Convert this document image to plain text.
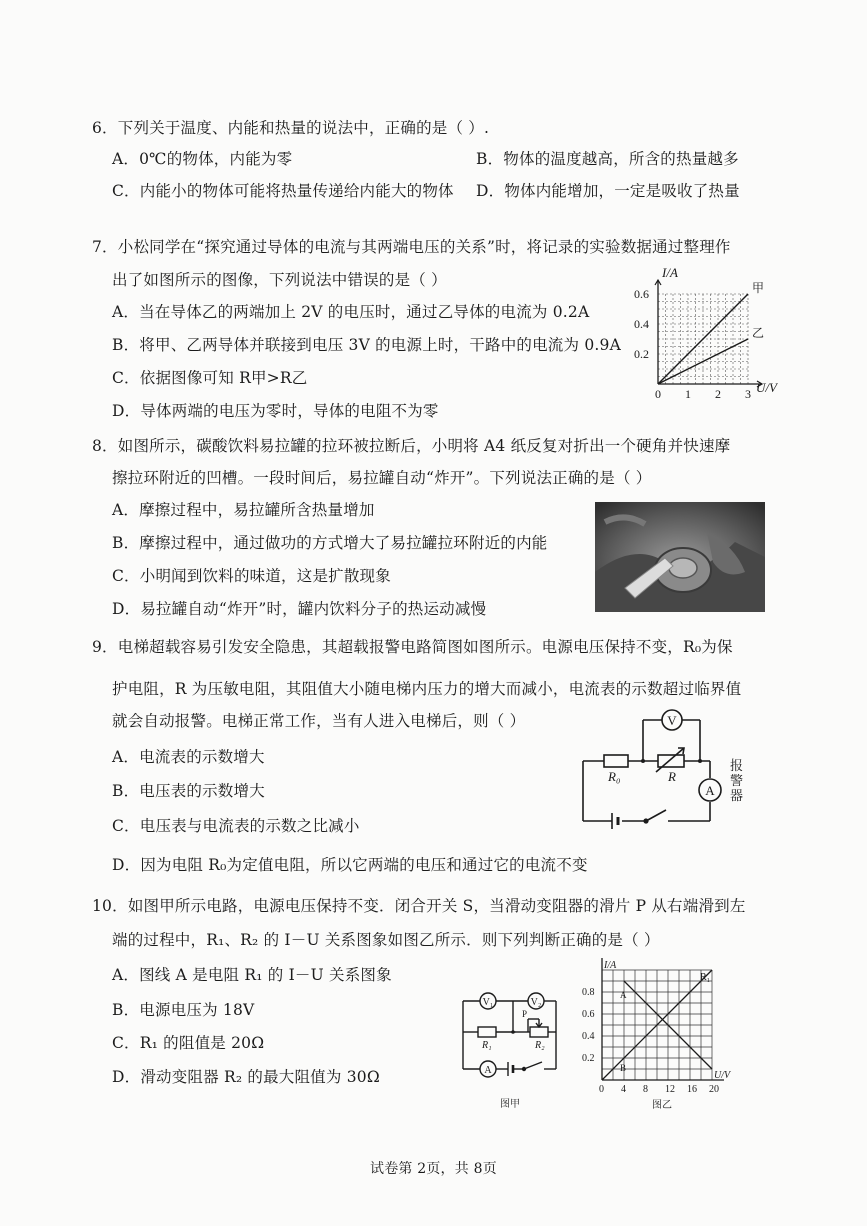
6．下列关于温度、内能和热量的说法中，正确的是（ ）.
A．0℃的物体，内能为零	B．物体的温度越高，所含的热量越多
C．内能小的物体可能将热量传递给内能大的物体 D．物体内能增加，一定是吸收了热量
7．小松同学在“探究通过导体的电流与其两端电压的关系”时，将记录的实验数据通过整理作
出了如图所示的图像，下列说法中错误的是（ ）
A．当在导体乙的两端加上 2V 的电压时，通过乙导体的电流为 0.2A
B．将甲、乙两导体并联接到电压 3V 的电源上时，干路中的电流为 0.9A
C．依据图像可知 R甲>R乙
D．导体两端的电压为零时，导体的电阻不为零
0 1 2 3
0.2
0.4
0.6	甲
乙
I/A
U/V
8．如图所示，碳酸饮料易拉罐的拉环被拉断后，小明将 A4 纸反复对折出一个硬角并快速摩
擦拉环附近的凹槽。一段时间后，易拉罐自动“炸开”。下列说法正确的是（ ）
A．摩擦过程中，易拉罐所含热量增加
B．摩擦过程中，通过做功的方式增大了易拉罐拉环附近的内能
C．小明闻到饮料的味道，这是扩散现象
D．易拉罐自动“炸开”时，罐内饮料分子的热运动减慢
9．电梯超载容易引发安全隐患，其超载报警电路简图如图所示。电源电压保持不变，R₀为保
护电阻，R 为压敏电阻，其阻值大小随电梯内压力的增大而减小，电流表的示数超过临界值
就会自动报警。电梯正常工作，当有人进入电梯后，则（ ）
A．电流表的示数增大
B．电压表的示数增大
C．电压表与电流表的示数之比减小
D．因为电阻 R₀为定值电阻，所以它两端的电压和通过它的电流不变
V
A
R₀	R
报警器
10．如图甲所示电路，电源电压保持不变．闭合开关 S，当滑动变阻器的滑片 P 从右端滑到左
端的过程中，R₁、R₂ 的 I－U 关系图象如图乙所示．则下列判断正确的是（ ）
A．图线 A 是电阻 R₁ 的 I－U 关系图象
B．电源电压为 18V
C．R₁ 的阻值是 20Ω
D．滑动变阻器 R₂ 的最大阻值为 30Ω
V₁	V₂
A
R₁	R₂
P
图甲
0 4 8 12 16 20
0.2
0.4
0.6
0.8
I/A
U/V
R₁
A
B
图乙
试卷第 2页，共 8页
